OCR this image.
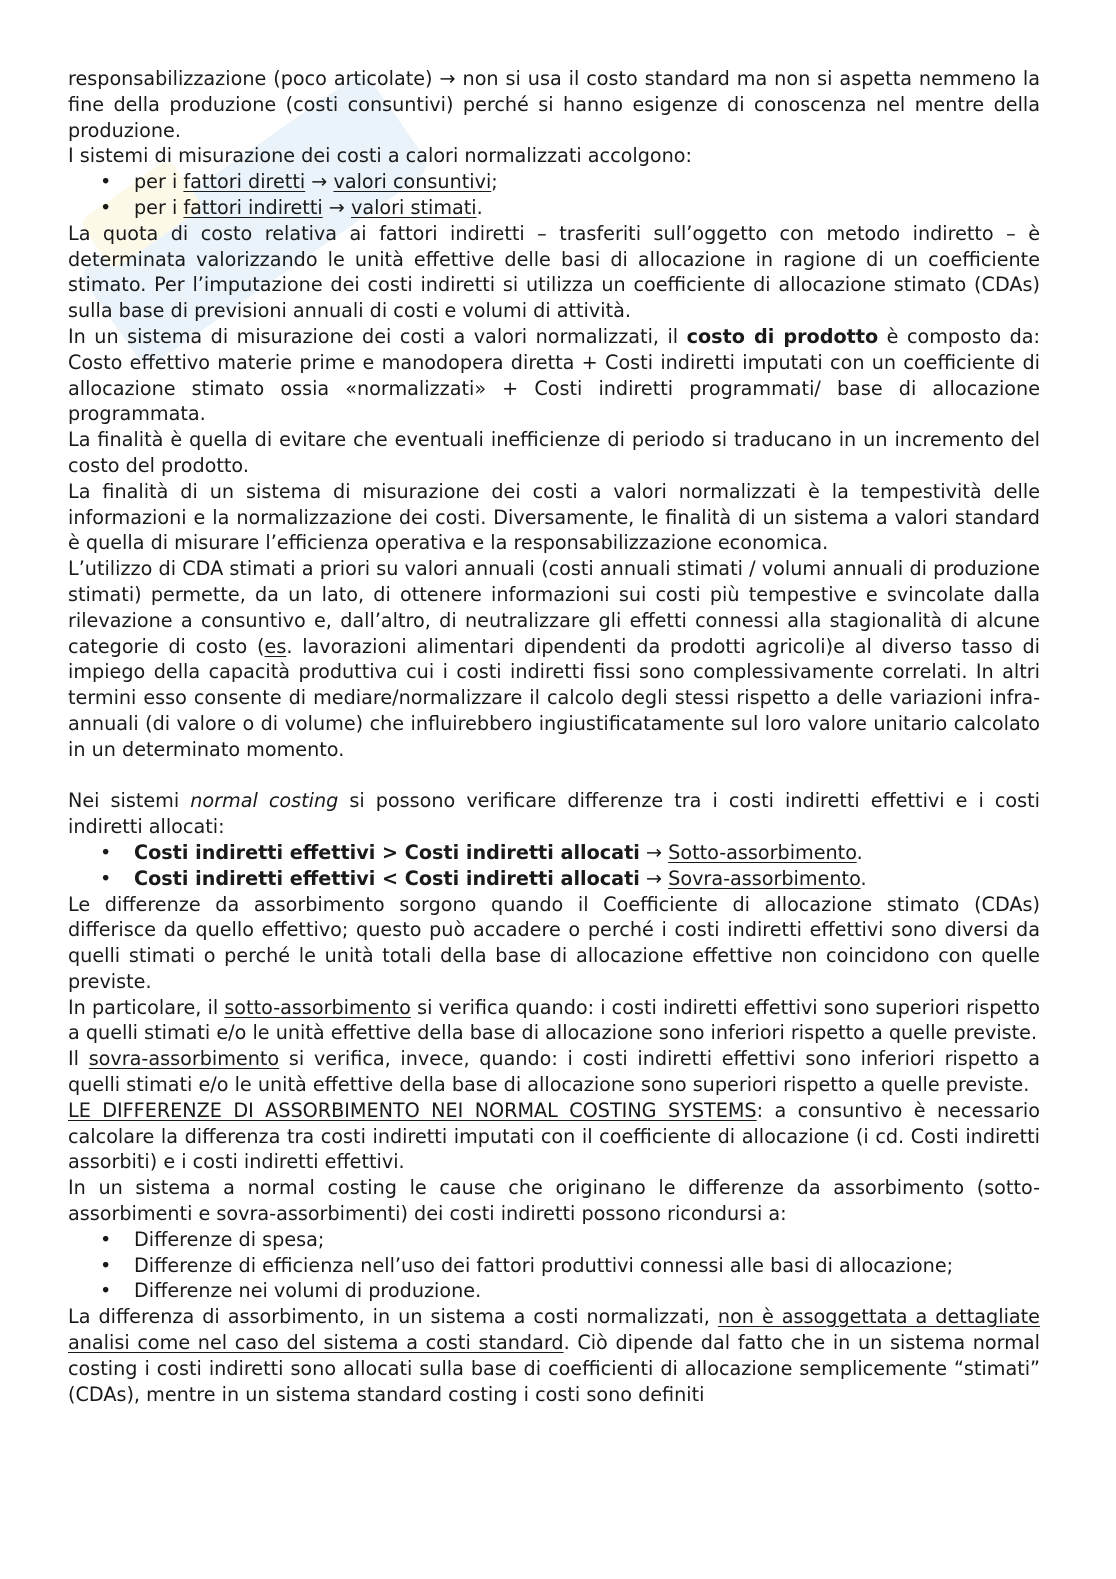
responsabilizzazione (poco articolate) → non si usa il costo standard ma non si aspetta nemmeno la fine della produzione (costi consuntivi) perché si hanno esigenze di conoscenza nel mentre della produzione.

I sistemi di misurazione dei costi a calori normalizzati accolgono:

• per i fattori diretti → valori consuntivi;
• per i fattori indiretti → valori stimati.

La quota di costo relativa ai fattori indiretti – trasferiti sull’oggetto con metodo indiretto – è determinata valorizzando le unità effettive delle basi di allocazione in ragione di un coefficiente stimato. Per l’imputazione dei costi indiretti si utilizza un coefficiente di allocazione stimato (CDAs) sulla base di previsioni annuali di costi e volumi di attività.

In un sistema di misurazione dei costi a valori normalizzati, il costo di prodotto è composto da: Costo effettivo materie prime e manodopera diretta + Costi indiretti imputati con un coefficiente di allocazione stimato ossia «normalizzati» + Costi indiretti programmati/ base di allocazione programmata.

La finalità è quella di evitare che eventuali inefficienze di periodo si traducano in un incremento del costo del prodotto.

La finalità di un sistema di misurazione dei costi a valori normalizzati è la tempestività delle informazioni e la normalizzazione dei costi. Diversamente, le finalità di un sistema a valori standard è quella di misurare l’efficienza operativa e la responsabilizzazione economica.

L’utilizzo di CDA stimati a priori su valori annuali (costi annuali stimati / volumi annuali di produzione stimati) permette, da un lato, di ottenere informazioni sui costi più tempestive e svincolate dalla rilevazione a consuntivo e, dall’altro, di neutralizzare gli effetti connessi alla stagionalità di alcune categorie di costo (es. lavorazioni alimentari dipendenti da prodotti agricoli)e al diverso tasso di impiego della capacità produttiva cui i costi indiretti fissi sono complessivamente correlati. In altri termini esso consente di mediare/normalizzare il calcolo degli stessi rispetto a delle variazioni infra-annuali (di valore o di volume) che influirebbero ingiustificatamente sul loro valore unitario calcolato in un determinato momento.

Nei sistemi normal costing si possono verificare differenze tra i costi indiretti effettivi e i costi indiretti allocati:

• Costi indiretti effettivi > Costi indiretti allocati → Sotto-assorbimento.
• Costi indiretti effettivi < Costi indiretti allocati → Sovra-assorbimento.

Le differenze da assorbimento sorgono quando il Coefficiente di allocazione stimato (CDAs) differisce da quello effettivo; questo può accadere o perché i costi indiretti effettivi sono diversi da quelli stimati o perché le unità totali della base di allocazione effettive non coincidono con quelle previste.

In particolare, il sotto-assorbimento si verifica quando: i costi indiretti effettivi sono superiori rispetto a quelli stimati e/o le unità effettive della base di allocazione sono inferiori rispetto a quelle previste.

Il sovra-assorbimento si verifica, invece, quando: i costi indiretti effettivi sono inferiori rispetto a quelli stimati e/o le unità effettive della base di allocazione sono superiori rispetto a quelle previste.

LE DIFFERENZE DI ASSORBIMENTO NEI NORMAL COSTING SYSTEMS: a consuntivo è necessario calcolare la differenza tra costi indiretti imputati con il coefficiente di allocazione (i cd. Costi indiretti assorbiti) e i costi indiretti effettivi.

In un sistema a normal costing le cause che originano le differenze da assorbimento (sotto-assorbimenti e sovra-assorbimenti) dei costi indiretti possono ricondursi a:

• Differenze di spesa;
• Differenze di efficienza nell’uso dei fattori produttivi connessi alle basi di allocazione;
• Differenze nei volumi di produzione.

La differenza di assorbimento, in un sistema a costi normalizzati, non è assoggettata a dettagliate analisi come nel caso del sistema a costi standard. Ciò dipende dal fatto che in un sistema normal costing i costi indiretti sono allocati sulla base di coefficienti di allocazione semplicemente “stimati” (CDAs), mentre in un sistema standard costing i costi sono definiti
